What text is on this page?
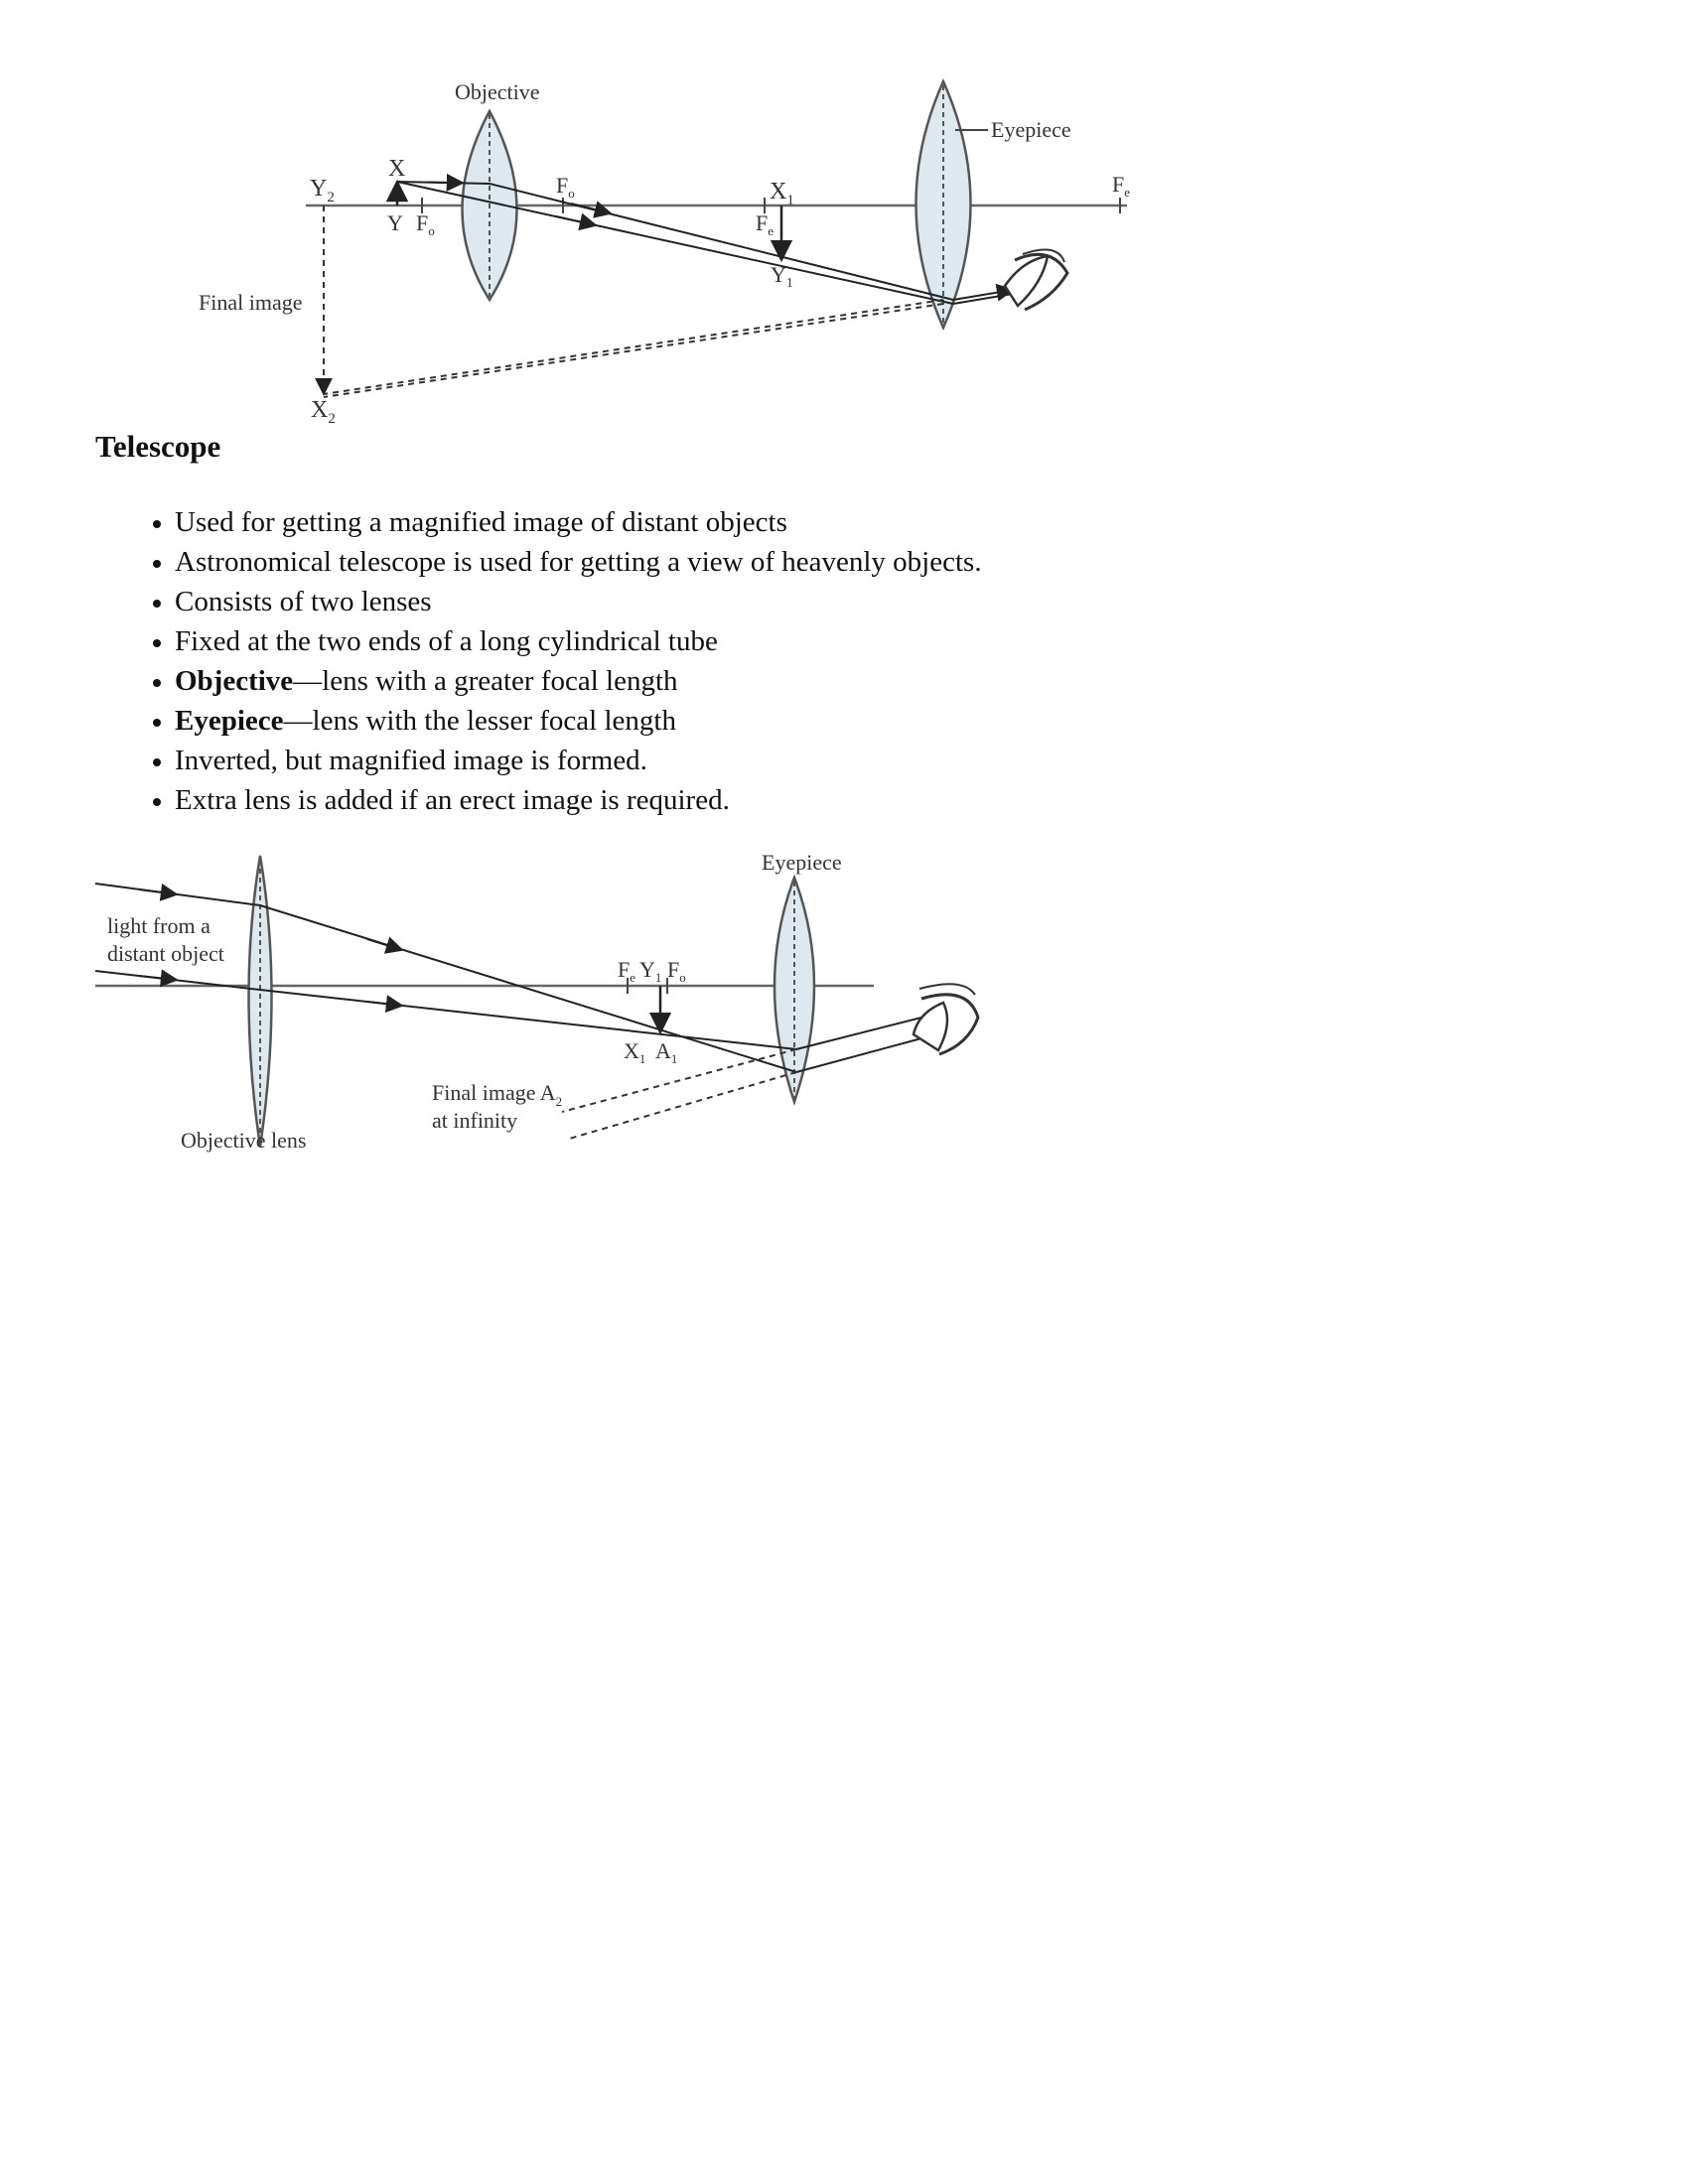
Objective
Eyepiece
$Y_2$
X
Y $F_o$
$F_o$	$X_1$
$F_e$
$Y_1$
$F_e$
Final image
$X_2$
Telescope
• Used for getting a magnified image of distant objects
• Astronomical telescope is used for getting a view of heavenly objects.
• Consists of two lenses
• Fixed at the two ends of a long cylindrical tube
• Objective—lens with a greater focal length
• Eyepiece—lens with the lesser focal length
• Inverted, but magnified image is formed.
• Extra lens is added if an erect image is required.
Eyepiece
light from a
distant object
$F_e$ $Y_1$ $F_o$
$X_1$ $A_1$
Final image $A_2$
at infinity
Objective lens
